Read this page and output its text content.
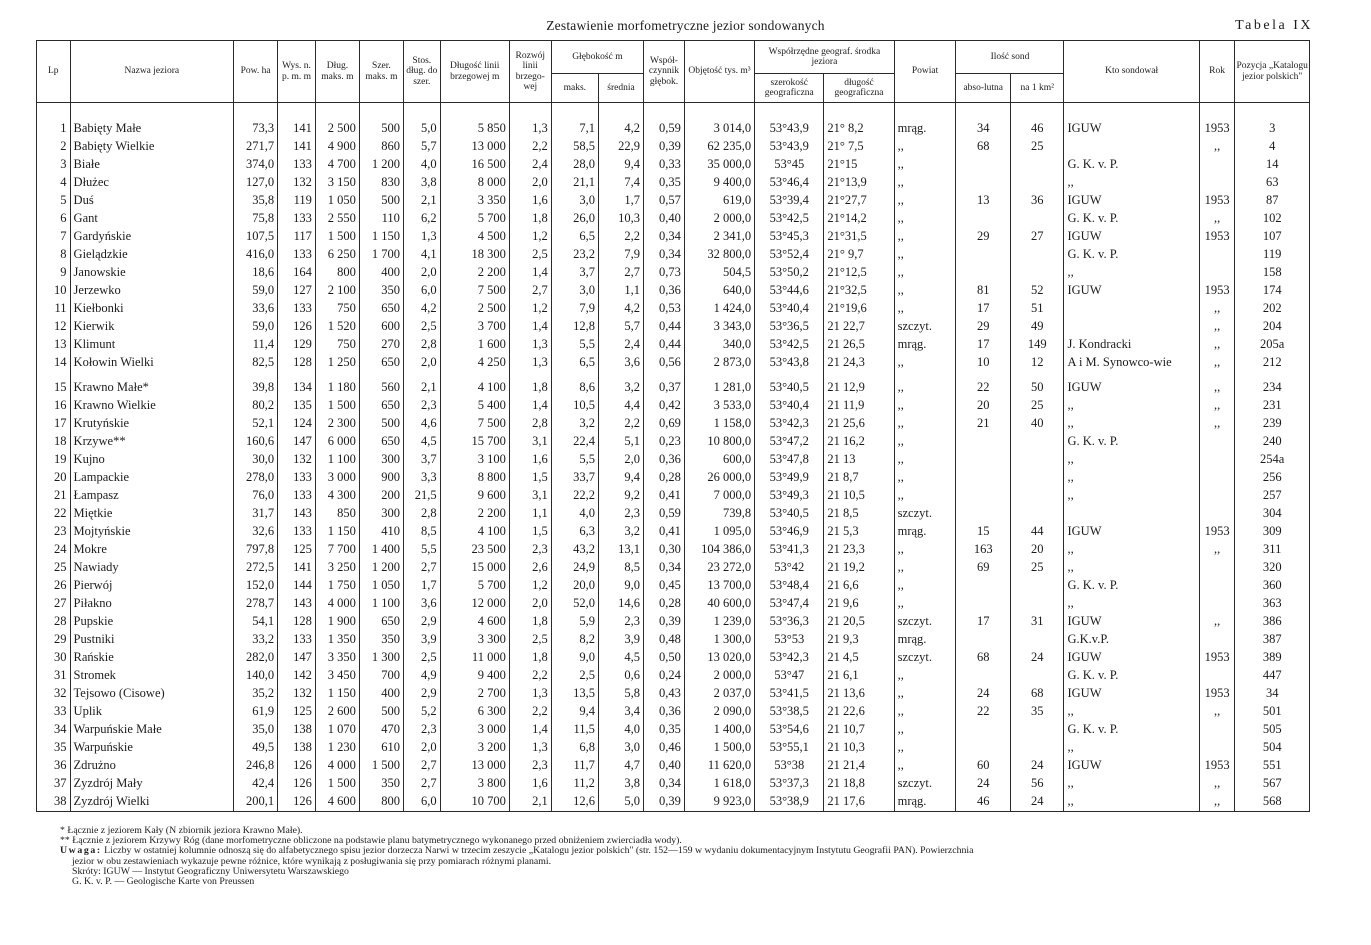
Zestawienie morfometryczne jezior sondowanych	Tabela IX
Lp	Nazwa jeziora	Pow. ha	Wys. n. p. m. m	Dług. maks. m	Szer. maks. m	Stos. dług. do szer.	Długość linii brzegowej m	Rozwój linii brzego-wej	Głębokość m		Współ-czynnik głębok.	Objętość tys. m³	Współrzędne geograf. środka jeziora		Powiat	Ilość sond		Kto sondował	Rok	Pozycja „Katalogu jezior polskich"
									maks.	średnia			szerokość geograficzna	długość geograficzna		abso-lutna	na 1 km²			

1	Babięty Małe	73,3	141	2 500	500	5,0	5 850	1,3	7,1	4,2	0,59	3 014,0	53°43,9	21° 8,2	mrąg.	34	46	IGUW	1953	3
2	Babięty Wielkie	271,7	141	4 900	860	5,7	13 000	2,2	58,5	22,9	0,39	62 235,0	53°43,9	21° 7,5	,,	68	25		,,	4
3	Białe	374,0	133	4 700	1 200	4,0	16 500	2,4	28,0	9,4	0,33	35 000,0	53°45	21°15	,,			G. K. v. P.		14
4	Dłużec	127,0	132	3 150	830	3,8	8 000	2,0	21,1	7,4	0,35	9 400,0	53°46,4	21°13,9	,,			,,		63
5	Duś	35,8	119	1 050	500	2,1	3 350	1,6	3,0	1,7	0,57	619,0	53°39,4	21°27,7	,,	13	36	IGUW	1953	87
6	Gant	75,8	133	2 550	110	6,2	5 700	1,8	26,0	10,3	0,40	2 000,0	53°42,5	21°14,2	,,			G. K. v. P.	,,	102
7	Gardyńskie	107,5	117	1 500	1 150	1,3	4 500	1,2	6,5	2,2	0,34	2 341,0	53°45,3	21°31,5	,,	29	27	IGUW	1953	107
8	Gielądzkie	416,0	133	6 250	1 700	4,1	18 300	2,5	23,2	7,9	0,34	32 800,0	53°52,4	21° 9,7	,,			G. K. v. P.		119
9	Janowskie	18,6	164	800	400	2,0	2 200	1,4	3,7	2,7	0,73	504,5	53°50,2	21°12,5	,,			,,		158
10	Jerzewko	59,0	127	2 100	350	6,0	7 500	2,7	3,0	1,1	0,36	640,0	53°44,6	21°32,5	,,	81	52	IGUW	1953	174
11	Kiełbonki	33,6	133	750	650	4,2	2 500	1,2	7,9	4,2	0,53	1 424,0	53°40,4	21°19,6	,,	17	51		,,	202
12	Kierwik	59,0	126	1 520	600	2,5	3 700	1,4	12,8	5,7	0,44	3 343,0	53°36,5	21 22,7	szczyt.	29	49		,,	204
13	Klimunt	11,4	129	750	270	2,8	1 600	1,3	5,5	2,4	0,44	340,0	53°42,5	21 26,5	mrąg.	17	149	J. Kondracki	,,	205a
14	Kołowin Wielki	82,5	128	1 250	650	2,0	4 250	1,3	6,5	3,6	0,56	2 873,0	53°43,8	21 24,3	,,	10	12	A i M. Synowco-wie	,,	212

15	Krawno Małe*	39,8	134	1 180	560	2,1	4 100	1,8	8,6	3,2	0,37	1 281,0	53°40,5	21 12,9	,,	22	50	IGUW	,,	234
16	Krawno Wielkie	80,2	135	1 500	650	2,3	5 400	1,4	10,5	4,4	0,42	3 533,0	53°40,4	21 11,9	,,	20	25	,,	,,	231
17	Krutyńskie	52,1	124	2 300	500	4,6	7 500	2,8	3,2	2,2	0,69	1 158,0	53°42,3	21 25,6	,,	21	40	,,	,,	239
18	Krzywe**	160,6	147	6 000	650	4,5	15 700	3,1	22,4	5,1	0,23	10 800,0	53°47,2	21 16,2	,,			G. K. v. P.		240
19	Kujno	30,0	132	1 100	300	3,7	3 100	1,6	5,5	2,0	0,36	600,0	53°47,8	21 13	,,			,,		254a
20	Lampackie	278,0	133	3 000	900	3,3	8 800	1,5	33,7	9,4	0,28	26 000,0	53°49,9	21 8,7	,,			,,		256
21	Łampasz	76,0	133	4 300	200	21,5	9 600	3,1	22,2	9,2	0,41	7 000,0	53°49,3	21 10,5	,,			,,		257
22	Miętkie	31,7	143	850	300	2,8	2 200	1,1	4,0	2,3	0,59	739,8	53°40,5	21 8,5	szczyt.					304
23	Mojtyńskie	32,6	133	1 150	410	8,5	4 100	1,5	6,3	3,2	0,41	1 095,0	53°46,9	21 5,3	mrąg.	15	44	IGUW	1953	309
24	Mokre	797,8	125	7 700	1 400	5,5	23 500	2,3	43,2	13,1	0,30	104 386,0	53°41,3	21 23,3	,,	163	20	,,	,,	311
25	Nawiady	272,5	141	3 250	1 200	2,7	15 000	2,6	24,9	8,5	0,34	23 272,0	53°42	21 19,2	,,	69	25	,,		320
26	Pierwój	152,0	144	1 750	1 050	1,7	5 700	1,2	20,0	9,0	0,45	13 700,0	53°48,4	21 6,6	,,			G. K. v. P.		360
27	Piłakno	278,7	143	4 000	1 100	3,6	12 000	2,0	52,0	14,6	0,28	40 600,0	53°47,4	21 9,6	,,			,,		363
28	Pupskie	54,1	128	1 900	650	2,9	4 600	1,8	5,9	2,3	0,39	1 239,0	53°36,3	21 20,5	szczyt.	17	31	IGUW	,,	386
29	Pustniki	33,2	133	1 350	350	3,9	3 300	2,5	8,2	3,9	0,48	1 300,0	53°53	21 9,3	mrąg.			G.K.v.P.		387
30	Rańskie	282,0	147	3 350	1 300	2,5	11 000	1,8	9,0	4,5	0,50	13 020,0	53°42,3	21 4,5	szczyt.	68	24	IGUW	1953	389
31	Stromek	140,0	142	3 450	700	4,9	9 400	2,2	2,5	0,6	0,24	2 000,0	53°47	21 6,1	,,			G. K. v. P.		447
32	Tejsowo (Cisowe)	35,2	132	1 150	400	2,9	2 700	1,3	13,5	5,8	0,43	2 037,0	53°41,5	21 13,6	,,	24	68	IGUW	1953	34
33	Uplik	61,9	125	2 600	500	5,2	6 300	2,2	9,4	3,4	0,36	2 090,0	53°38,5	21 22,6	,,	22	35	,,	,,	501
34	Warpuńskie Małe	35,0	138	1 070	470	2,3	3 000	1,4	11,5	4,0	0,35	1 400,0	53°54,6	21 10,7	,,			G. K. v. P.		505
35	Warpuńskie	49,5	138	1 230	610	2,0	3 200	1,3	6,8	3,0	0,46	1 500,0	53°55,1	21 10,3	,,			,,		504
36	Zdrużno	246,8	126	4 000	1 500	2,7	13 000	2,3	11,7	4,7	0,40	11 620,0	53°38	21 21,4	,,	60	24	IGUW	1953	551
37	Zyzdrój Mały	42,4	126	1 500	350	2,7	3 800	1,6	11,2	3,8	0,34	1 618,0	53°37,3	21 18,8	szczyt.	24	56	,,	,,	567
38	Zyzdrój Wielki	200,1	126	4 600	800	6,0	10 700	2,1	12,6	5,0	0,39	9 923,0	53°38,9	21 17,6	mrąg.	46	24	,,	,,	568
* Łącznie z jeziorem Kały (N zbiornik jeziora Krawno Małe).
** Łącznie z jeziorem Krzywy Róg (dane morfometryczne obliczone na podstawie planu batymetrycznego wykonanego przed obniżeniem zwierciadła wody).
Uwaga: Liczby w ostatniej kolumnie odnoszą się do alfabetycznego spisu jezior dorzecza Narwi w trzecim zeszycie „Katalogu jezior polskich" (str. 152—159 w wydaniu dokumentacyjnym Instytutu Geografii PAN). Powierzchnia
jezior w obu zestawieniach wykazuje pewne różnice, które wynikają z posługiwania się przy pomiarach różnymi planami.
Skróty: IGUW — Instytut Geograficzny Uniwersytetu Warszawskiego
G. K. v. P. — Geologische Karte von Preussen
